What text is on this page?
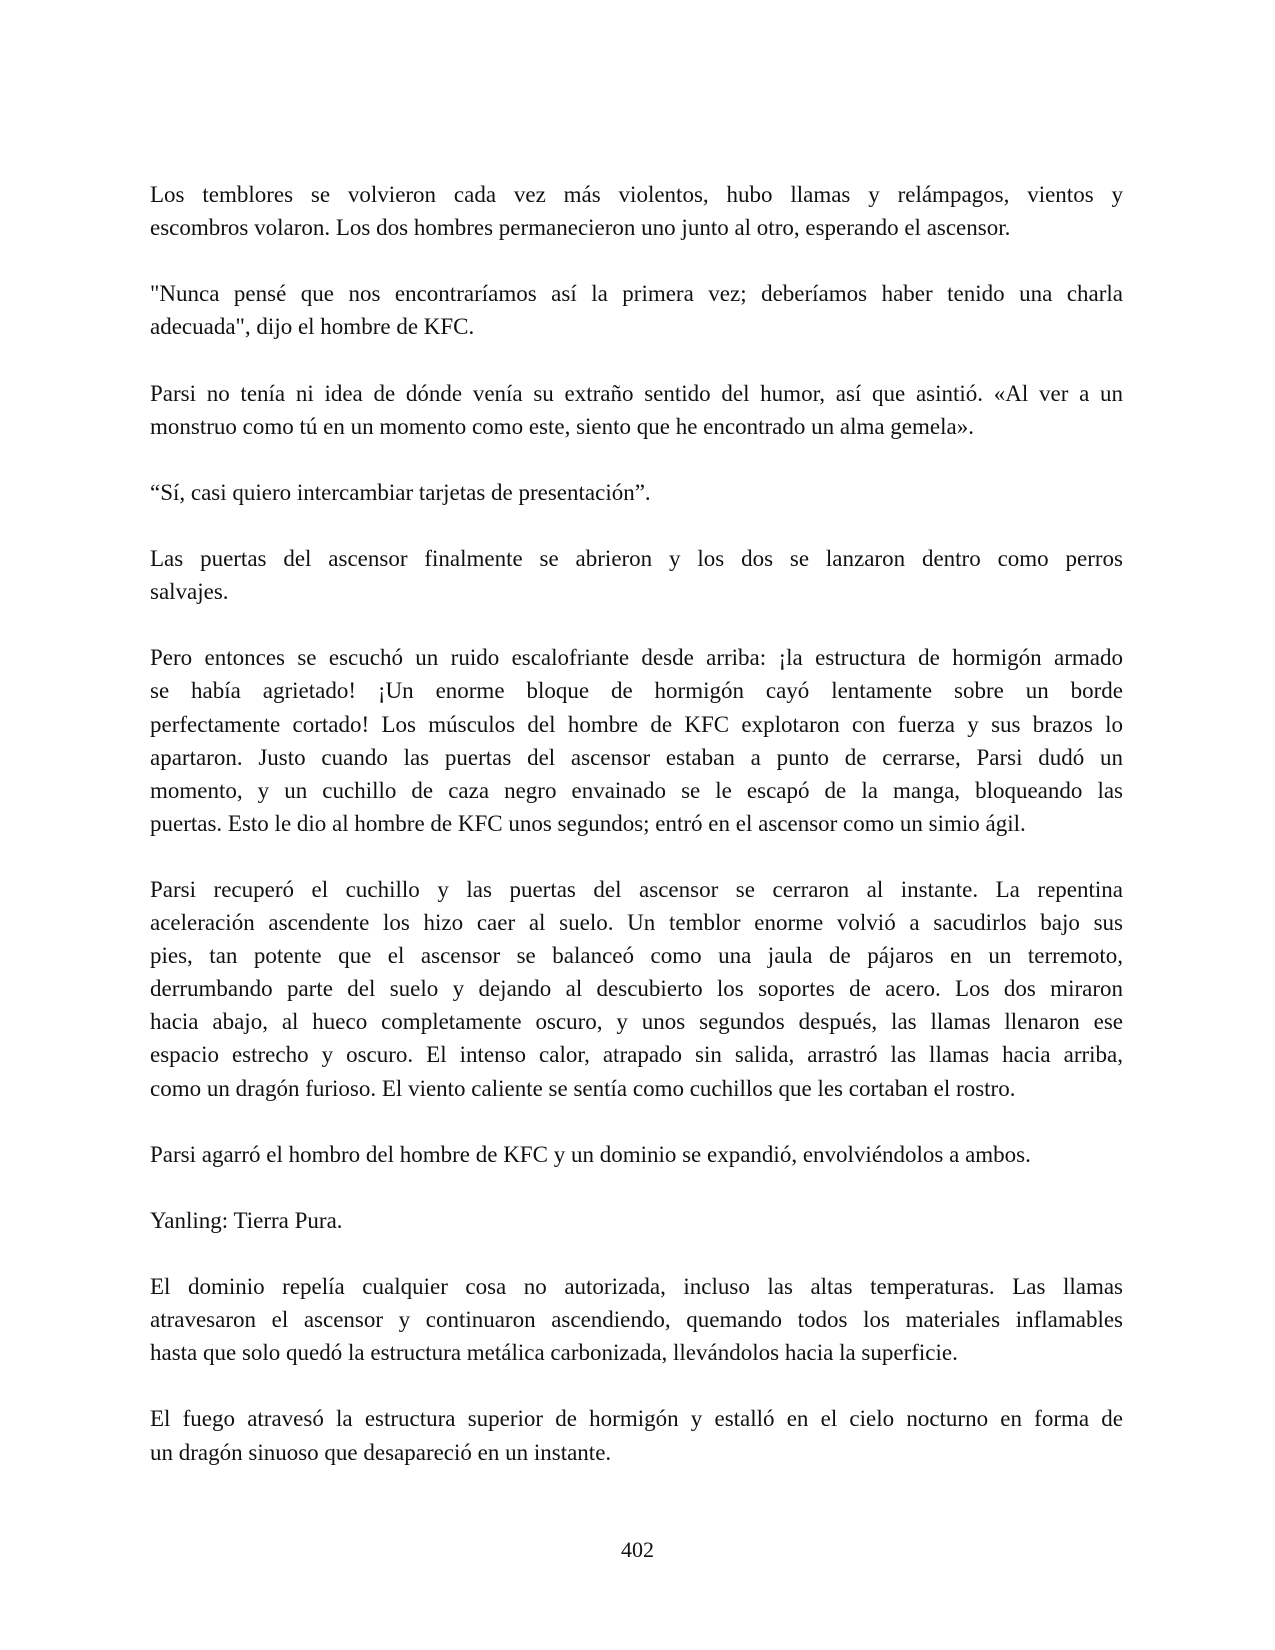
Los temblores se volvieron cada vez más violentos, hubo llamas y relámpagos, vientos y
escombros volaron. Los dos hombres permanecieron uno junto al otro, esperando el ascensor.

"Nunca pensé que nos encontraríamos así la primera vez; deberíamos haber tenido una charla
adecuada", dijo el hombre de KFC.

Parsi no tenía ni idea de dónde venía su extraño sentido del humor, así que asintió. «Al ver a un
monstruo como tú en un momento como este, siento que he encontrado un alma gemela».

“Sí, casi quiero intercambiar tarjetas de presentación”.

Las puertas del ascensor finalmente se abrieron y los dos se lanzaron dentro como perros
salvajes.

Pero entonces se escuchó un ruido escalofriante desde arriba: ¡la estructura de hormigón armado
se había agrietado! ¡Un enorme bloque de hormigón cayó lentamente sobre un borde
perfectamente cortado! Los músculos del hombre de KFC explotaron con fuerza y sus brazos lo
apartaron. Justo cuando las puertas del ascensor estaban a punto de cerrarse, Parsi dudó un
momento, y un cuchillo de caza negro envainado se le escapó de la manga, bloqueando las
puertas. Esto le dio al hombre de KFC unos segundos; entró en el ascensor como un simio ágil.

Parsi recuperó el cuchillo y las puertas del ascensor se cerraron al instante. La repentina
aceleración ascendente los hizo caer al suelo. Un temblor enorme volvió a sacudirlos bajo sus
pies, tan potente que el ascensor se balanceó como una jaula de pájaros en un terremoto,
derrumbando parte del suelo y dejando al descubierto los soportes de acero. Los dos miraron
hacia abajo, al hueco completamente oscuro, y unos segundos después, las llamas llenaron ese
espacio estrecho y oscuro. El intenso calor, atrapado sin salida, arrastró las llamas hacia arriba,
como un dragón furioso. El viento caliente se sentía como cuchillos que les cortaban el rostro.

Parsi agarró el hombro del hombre de KFC y un dominio se expandió, envolviéndolos a ambos.

Yanling: Tierra Pura.

El dominio repelía cualquier cosa no autorizada, incluso las altas temperaturas. Las llamas
atravesaron el ascensor y continuaron ascendiendo, quemando todos los materiales inflamables
hasta que solo quedó la estructura metálica carbonizada, llevándolos hacia la superficie.

El fuego atravesó la estructura superior de hormigón y estalló en el cielo nocturno en forma de
un dragón sinuoso que desapareció en un instante.

402
